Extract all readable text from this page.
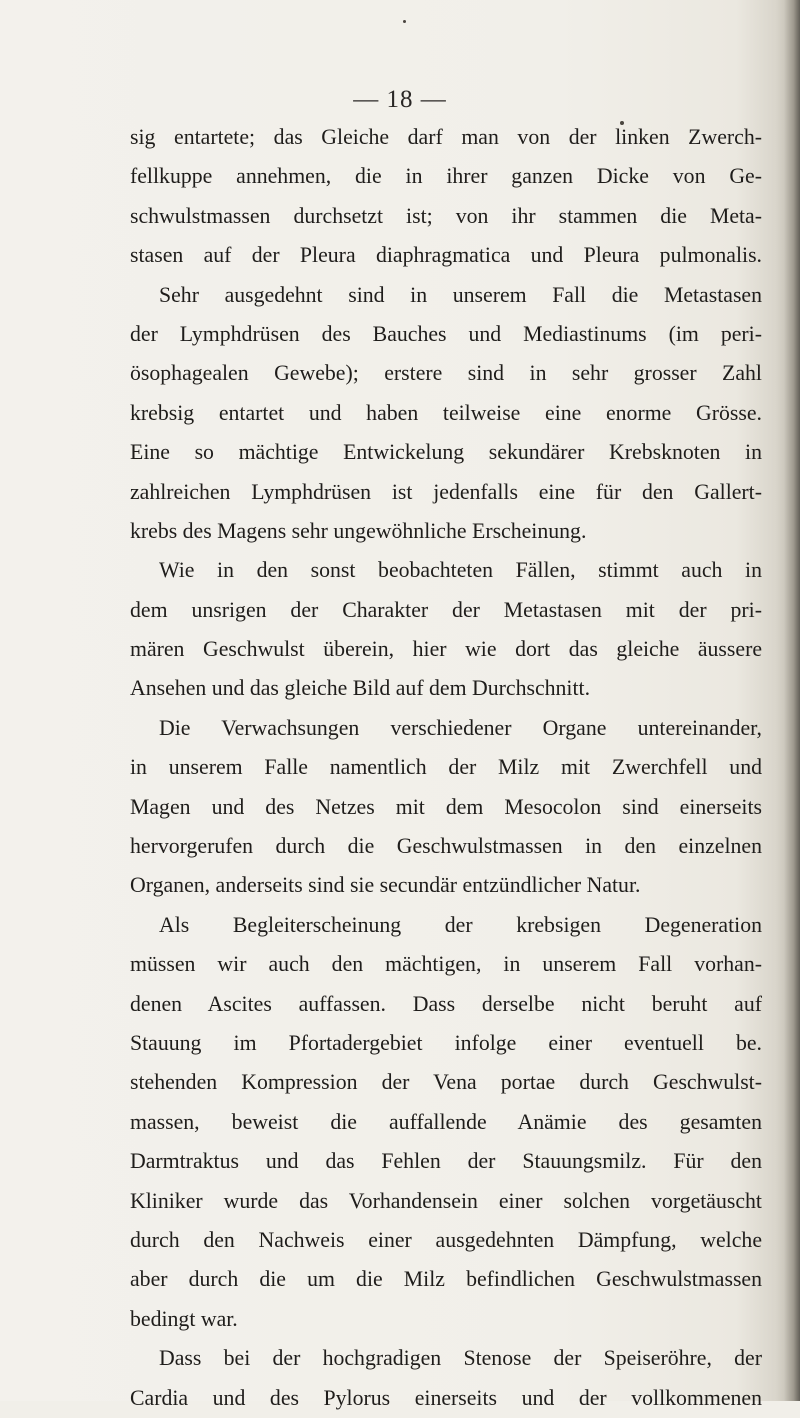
— 18 —
sig entartete; das Gleiche darf man von der linken Zwerch-
fellkuppe annehmen, die in ihrer ganzen Dicke von Ge-
schwulstmassen durchsetzt ist; von ihr stammen die Meta-
stasen auf der Pleura diaphragmatica und Pleura pulmonalis.
Sehr ausgedehnt sind in unserem Fall die Metastasen
der Lymphdrüsen des Bauches und Mediastinums (im peri-
ösophagealen Gewebe); erstere sind in sehr grosser Zahl
krebsig entartet und haben teilweise eine enorme Grösse.
Eine so mächtige Entwickelung sekundärer Krebsknoten in
zahlreichen Lymphdrüsen ist jedenfalls eine für den Gallert-
krebs des Magens sehr ungewöhnliche Erscheinung.
Wie in den sonst beobachteten Fällen, stimmt auch in
dem unsrigen der Charakter der Metastasen mit der pri-
mären Geschwulst überein, hier wie dort das gleiche äussere
Ansehen und das gleiche Bild auf dem Durchschnitt.
Die Verwachsungen verschiedener Organe untereinander,
in unserem Falle namentlich der Milz mit Zwerchfell und
Magen und des Netzes mit dem Mesocolon sind einerseits
hervorgerufen durch die Geschwulstmassen in den einzelnen
Organen, anderseits sind sie secundär entzündlicher Natur.
Als Begleiterscheinung der krebsigen Degeneration
müssen wir auch den mächtigen, in unserem Fall vorhan-
denen Ascites auffassen. Dass derselbe nicht beruht auf
Stauung im Pfortadergebiet infolge einer eventuell be.
stehenden Kompression der Vena portae durch Geschwulst-
massen, beweist die auffallende Anämie des gesamten
Darmtraktus und das Fehlen der Stauungsmilz. Für den
Kliniker wurde das Vorhandensein einer solchen vorgetäuscht
durch den Nachweis einer ausgedehnten Dämpfung, welche
aber durch die um die Milz befindlichen Geschwulstmassen
bedingt war.
Dass bei der hochgradigen Stenose der Speiseröhre, der
Cardia und des Pylorus einerseits und der vollkommenen
